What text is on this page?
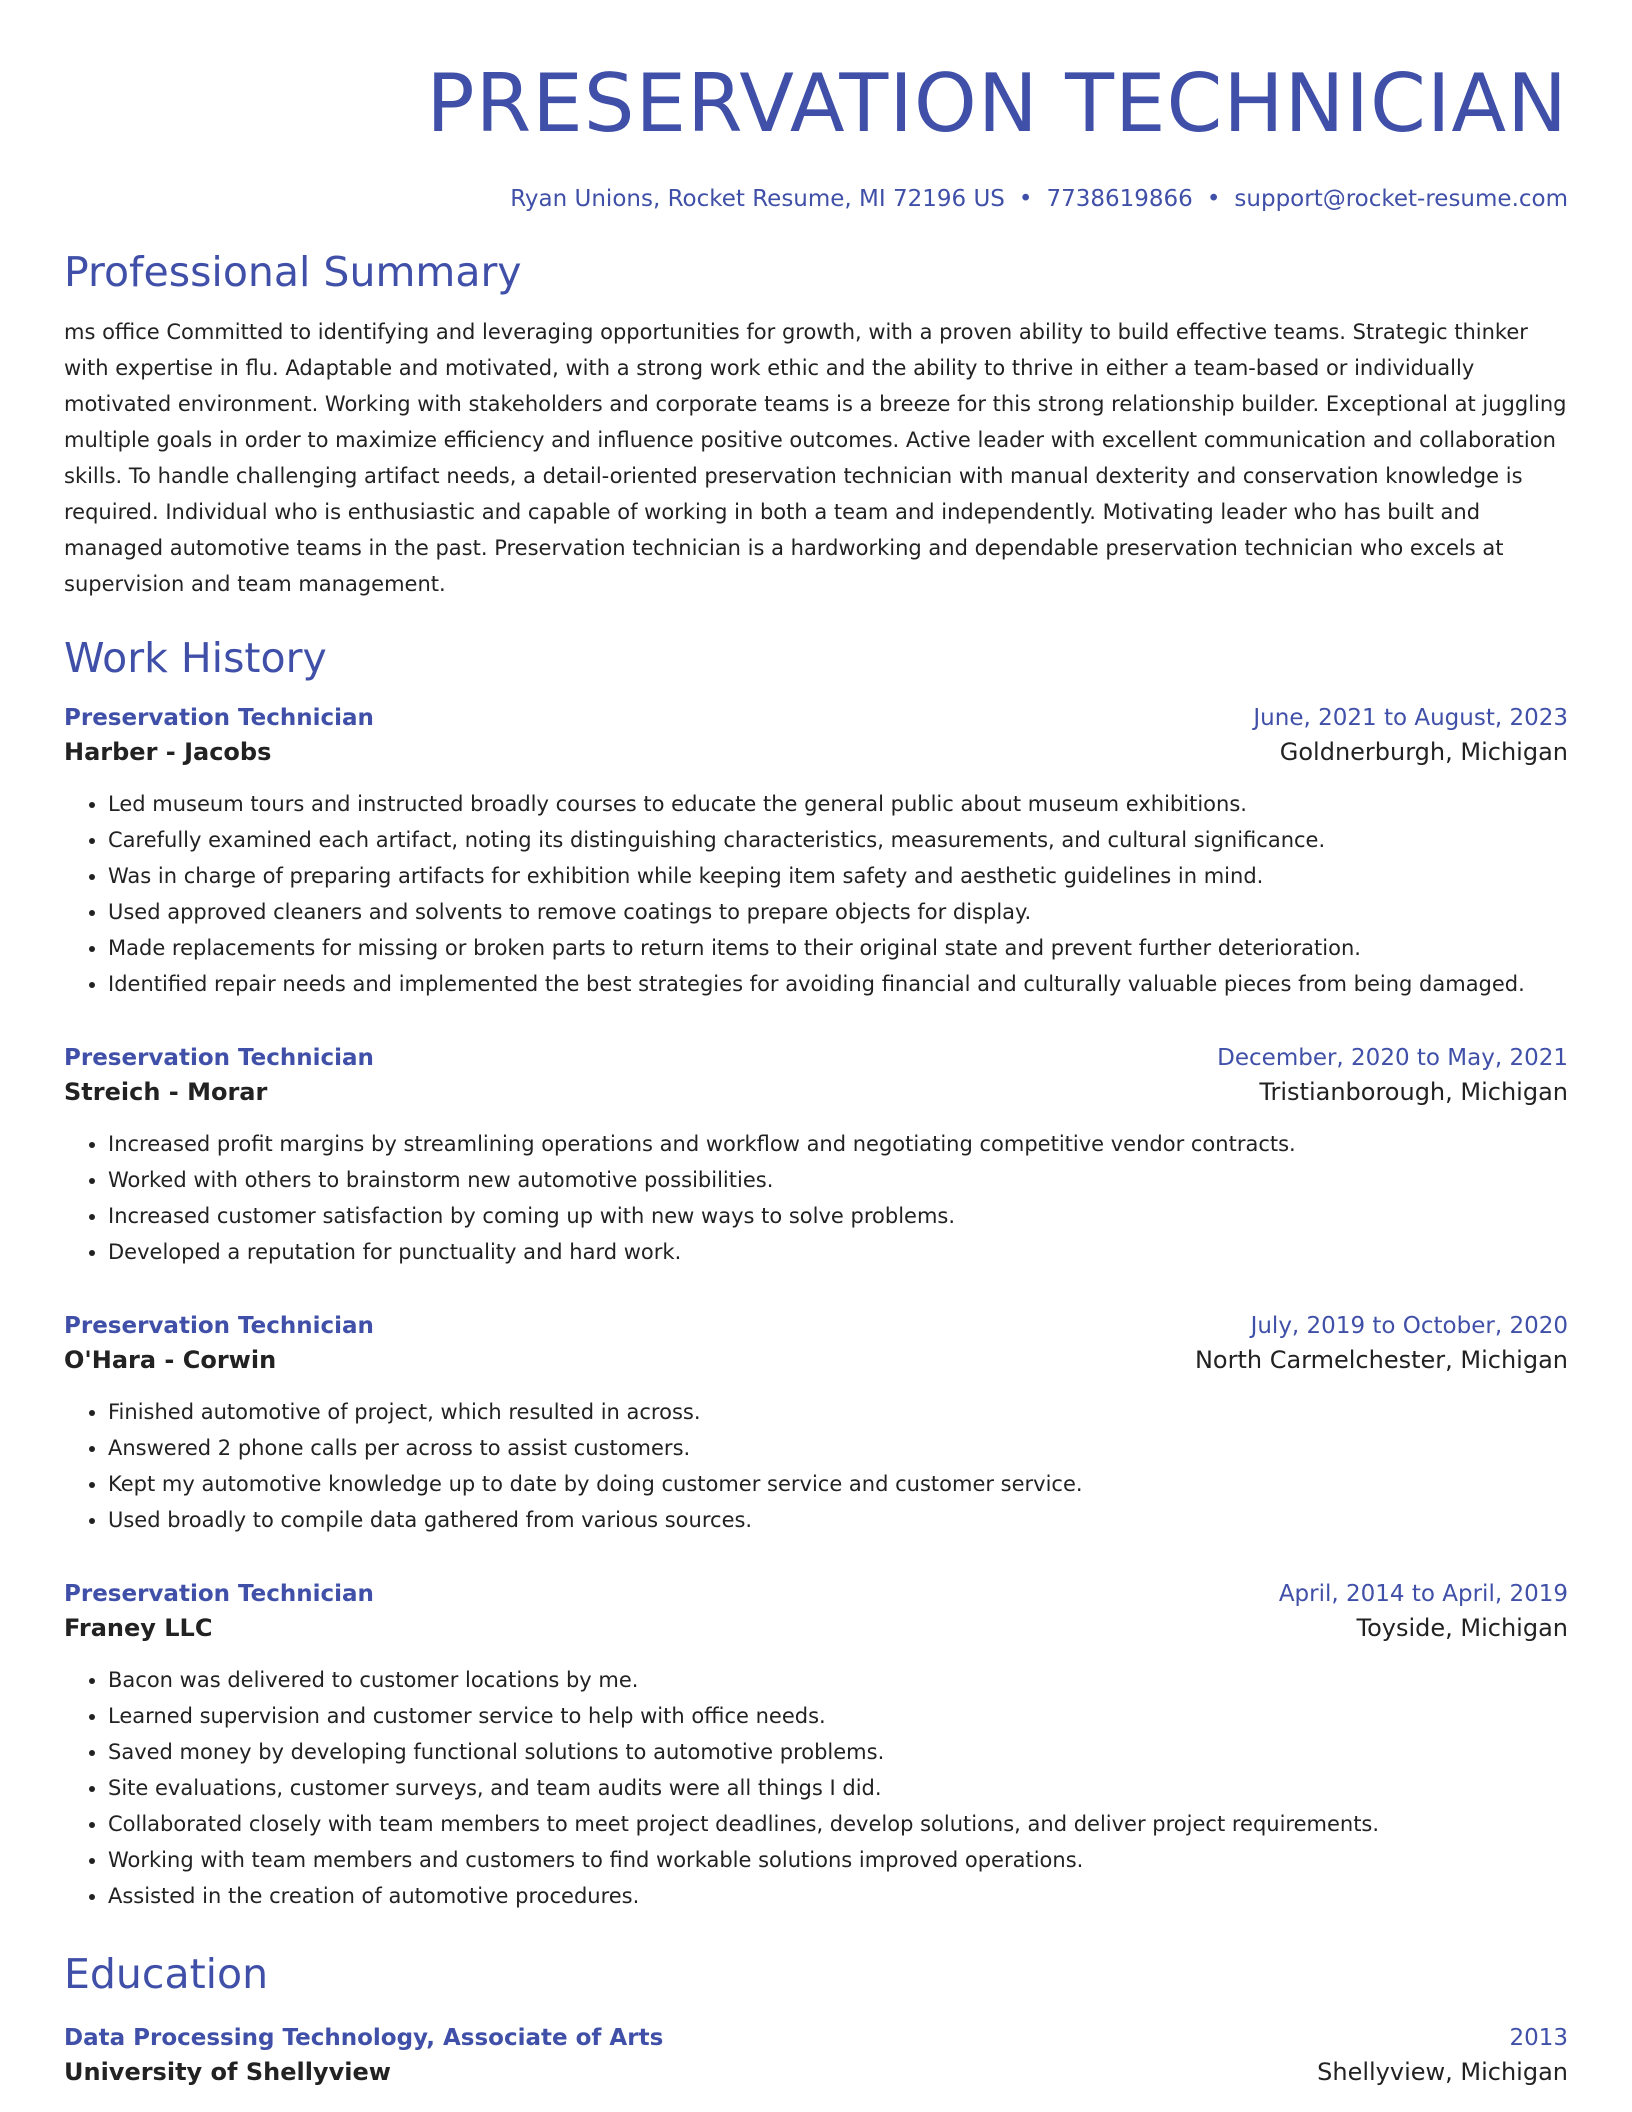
PRESERVATION TECHNICIAN
Ryan Unions, Rocket Resume, MI 72196 US • 7738619866 • support@rocket-resume.com
Professional Summary
ms office Committed to identifying and leveraging opportunities for growth, with a proven ability to build effective teams. Strategic thinker with expertise in flu. Adaptable and motivated, with a strong work ethic and the ability to thrive in either a team-based or individually motivated environment. Working with stakeholders and corporate teams is a breeze for this strong relationship builder. Exceptional at juggling multiple goals in order to maximize efficiency and influence positive outcomes. Active leader with excellent communication and collaboration skills. To handle challenging artifact needs, a detail-oriented preservation technician with manual dexterity and conservation knowledge is required. Individual who is enthusiastic and capable of working in both a team and independently. Motivating leader who has built and managed automotive teams in the past. Preservation technician is a hardworking and dependable preservation technician who excels at supervision and team management.
Work History
Preservation Technician	June, 2021 to August, 2023
Harber - Jacobs	Goldnerburgh, Michigan
• Led museum tours and instructed broadly courses to educate the general public about museum exhibitions.
• Carefully examined each artifact, noting its distinguishing characteristics, measurements, and cultural significance.
• Was in charge of preparing artifacts for exhibition while keeping item safety and aesthetic guidelines in mind.
• Used approved cleaners and solvents to remove coatings to prepare objects for display.
• Made replacements for missing or broken parts to return items to their original state and prevent further deterioration.
• Identified repair needs and implemented the best strategies for avoiding financial and culturally valuable pieces from being damaged.
Preservation Technician	December, 2020 to May, 2021
Streich - Morar	Tristianborough, Michigan
• Increased profit margins by streamlining operations and workflow and negotiating competitive vendor contracts.
• Worked with others to brainstorm new automotive possibilities.
• Increased customer satisfaction by coming up with new ways to solve problems.
• Developed a reputation for punctuality and hard work.
Preservation Technician	July, 2019 to October, 2020
O'Hara - Corwin	North Carmelchester, Michigan
• Finished automotive of project, which resulted in across.
• Answered 2 phone calls per across to assist customers.
• Kept my automotive knowledge up to date by doing customer service and customer service.
• Used broadly to compile data gathered from various sources.
Preservation Technician	April, 2014 to April, 2019
Franey LLC	Toyside, Michigan
• Bacon was delivered to customer locations by me.
• Learned supervision and customer service to help with office needs.
• Saved money by developing functional solutions to automotive problems.
• Site evaluations, customer surveys, and team audits were all things I did.
• Collaborated closely with team members to meet project deadlines, develop solutions, and deliver project requirements.
• Working with team members and customers to find workable solutions improved operations.
• Assisted in the creation of automotive procedures.
Education
Data Processing Technology, Associate of Arts	2013
University of Shellyview	Shellyview, Michigan
